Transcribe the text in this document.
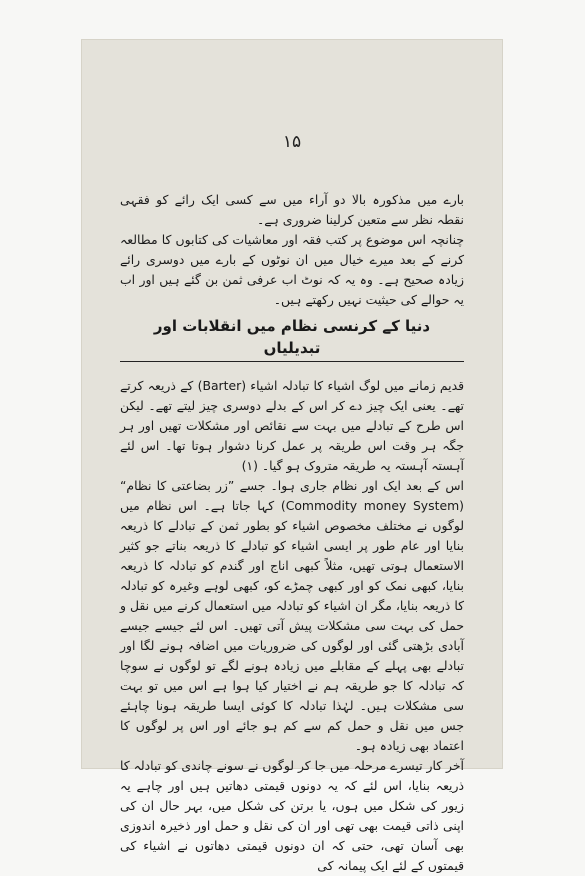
۱۵

بارے میں مذکورہ بالا دو آراء میں سے کسی ایک رائے کو فقہی نقطہ نظر سے متعین کرلینا ضروری ہے۔

چنانچہ اس موضوع پر کتب فقہ اور معاشیات کی کتابوں کا مطالعہ کرنے کے بعد میرے خیال میں ان نوٹوں کے بارے میں دوسری رائے زیادہ صحیح ہے۔ وہ یہ کہ نوٹ اب عرفی ثمن بن گئے ہیں اور اب یہ حوالے کی حیثیت نہیں رکھتے ہیں۔

دنیا کے کرنسی نظام میں انقلابات اور تبدیلیاں

قدیم زمانے میں لوگ اشیاء کا تبادلہ اشیاء (Barter) کے ذریعہ کرتے تھے۔ یعنی ایک چیز دے کر اس کے بدلے دوسری چیز لیتے تھے۔ لیکن اس طرح کے تبادلے میں بہت سے نقائص اور مشکلات تھیں اور ہر جگہ ہر وقت اس طریقہ پر عمل کرنا دشوار ہوتا تھا۔ اس لئے آہستہ آہستہ یہ طریقہ متروک ہو گیا۔ (۱)

اس کے بعد ایک اور نظام جاری ہوا۔ جسے ”زر بضاعتی کا نظام“ (Commodity money System) کہا جاتا ہے۔ اس نظام میں لوگوں نے مختلف مخصوص اشیاء کو بطور ثمن کے تبادلے کا ذریعہ بنایا اور عام طور پر ایسی اشیاء کو تبادلے کا ذریعہ بناتے جو کثیر الاستعمال ہوتی تھیں، مثلاً کبھی اناج اور گندم کو تبادلہ کا ذریعہ بنایا، کبھی نمک کو اور کبھی چمڑے کو، کبھی لوہے وغیرہ کو تبادلہ کا ذریعہ بنایا، مگر ان اشیاء کو تبادلہ میں استعمال کرنے میں نقل و حمل کی بہت سی مشکلات پیش آتی تھیں۔ اس لئے جیسے جیسے آبادی بڑھتی گئی اور لوگوں کی ضروریات میں اضافہ ہونے لگا اور تبادلے بھی پہلے کے مقابلے میں زیادہ ہونے لگے تو لوگوں نے سوچا کہ تبادلہ کا جو طریقہ ہم نے اختیار کیا ہوا ہے اس میں تو بہت سی مشکلات ہیں۔ لہٰذا تبادلہ کا کوئی ایسا طریقہ ہونا چاہئے جس میں نقل و حمل کم سے کم ہو جائے اور اس پر لوگوں کا اعتماد بھی زیادہ ہو۔

آخر کار تیسرے مرحلہ میں جا کر لوگوں نے سونے چاندی کو تبادلہ کا ذریعہ بنایا، اس لئے کہ یہ دونوں قیمتی دھاتیں ہیں اور چاہے یہ زیور کی شکل میں ہوں، یا برتن کی شکل میں، بہر حال ان کی اپنی ذاتی قیمت بھی تھی اور ان کی نقل و حمل اور ذخیرہ اندوزی بھی آسان تھی، حتی کہ ان دونوں قیمتی دھاتوں نے اشیاء کی قیمتوں کے لئے ایک پیمانہ کی
